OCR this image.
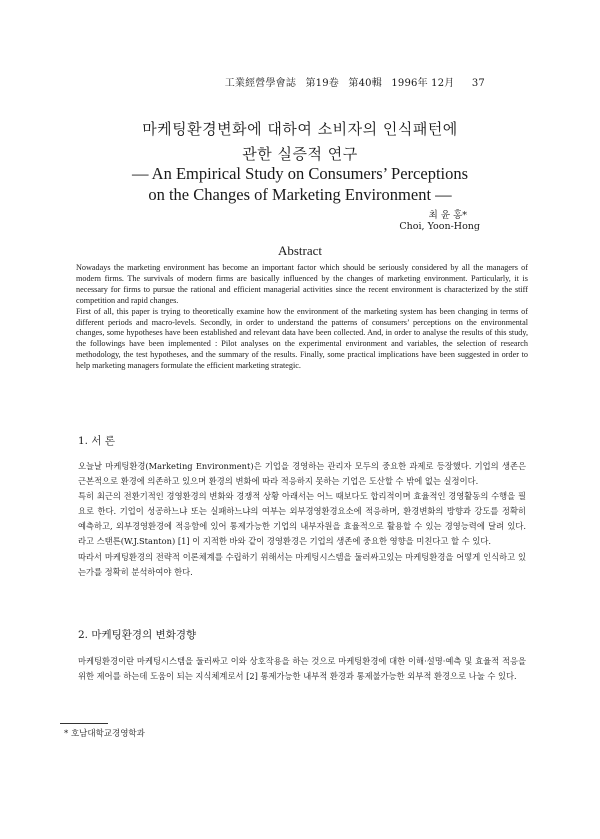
工業經營學會誌 第19卷 第40輯 1996年 12月 37
마케팅환경변화에 대하여 소비자의 인식패턴에
관한 실증적 연구
— An Empirical Study on Consumers’ Perceptions
on the Changes of Marketing Environment —
최 윤 홍*
Choi, Yoon-Hong
Abstract

Nowadays the marketing environment has become an important factor which should be seriously considered by all the managers of modern firms. The survivals of modern firms are basically influenced by the changes of marketing environment. Particularly, it is necessary for firms to pursue the rational and efficient managerial activities since the recent environment is characterized by the stiff competition and rapid changes.

First of all, this paper is trying to theoretically examine how the environment of the marketing system has been changing in terms of different periods and macro-levels. Secondly, in order to understand the patterns of consumers’ perceptions on the environmental changes, some hypotheses have been established and relevant data have been collected. And, in order to analyse the results of this study, the followings have been implemented : Pilot analyses on the experimental environment and variables, the selection of research methodology, the test hypotheses, and the summary of the results. Finally, some practical implications have been suggested in order to help marketing managers formulate the efficient marketing strategic.

1. 서 론

오늘날 마케팅환경(Marketing Environment)은 기업을 경영하는 관리자 모두의 중요한 과제로 등장했다. 기업의 생존은 근본적으로 환경에 의존하고 있으며 환경의 변화에 따라 적응하지 못하는 기업은 도산할 수 밖에 없는 실정이다.

특히 최근의 전환기적인 경영환경의 변화와 경쟁적 상황 아래서는 어느 때보다도 합리적이며 효율적인 경영활동의 수행을 필요로 한다. 기업이 성공하느냐 또는 실패하느냐의 여부는 외부경영환경요소에 적응하며, 환경변화의 방향과 강도를 정확히 예측하고, 외부경영환경에 적응함에 있어 통제가능한 기업의 내부자원을 효율적으로 활용할 수 있는 경영능력에 달려 있다. 라고 스탠튼(W.J.Stanton) [1] 이 지적한 바와 같이 경영환경은 기업의 생존에 중요한 영향을 미친다고 할 수 있다.

따라서 마케팅환경의 전략적 이론체계를 수립하기 위해서는 마케팅시스템을 둘러싸고있는 마케팅환경을 어떻게 인식하고 있는가를 정확히 분석하여야 한다.

2. 마케팅환경의 변화경향

마케팅환경이란 마케팅시스템을 둘러싸고 이와 상호작용을 하는 것으로 마케팅환경에 대한 이해·설명·예측 및 효율적 적응을 위한 제어를 하는데 도움이 되는 지식체계로서 [2] 통제가능한 내부적 환경과 통제불가능한 외부적 환경으로 나눌 수 있다.

* 호남대학교경영학과
